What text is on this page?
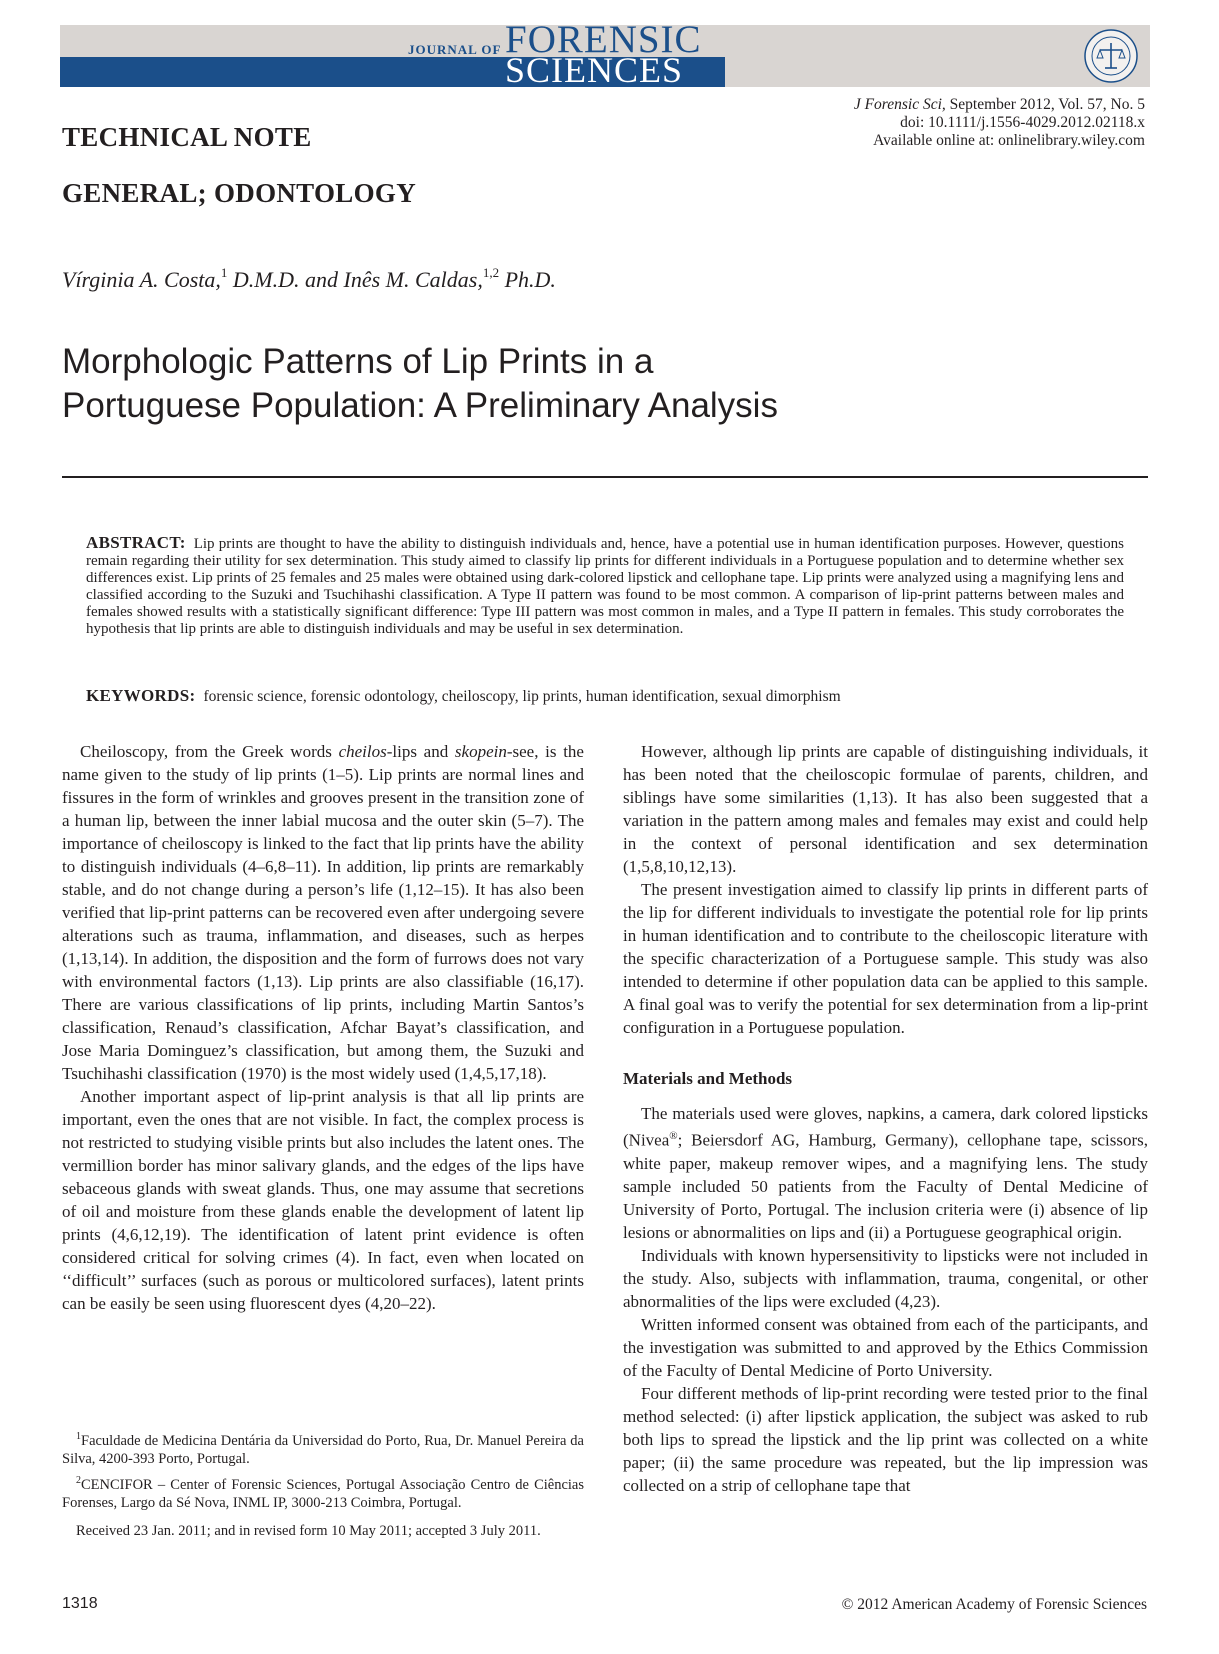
JOURNAL OF FORENSIC
SCIENCES
J Forensic Sci, September 2012, Vol. 57, No. 5
doi: 10.1111/j.1556-4029.2012.02118.x
Available online at: onlinelibrary.wiley.com
TECHNICAL NOTE
GENERAL; ODONTOLOGY
Vírginia A. Costa,$^1$ D.M.D. and Inês M. Caldas,$^{1,2}$ Ph.D.
Morphologic Patterns of Lip Prints in a
Portuguese Population: A Preliminary Analysis
ABSTRACT: Lip prints are thought to have the ability to distinguish individuals and, hence, have a potential use in human identification purposes. However, questions remain regarding their utility for sex determination. This study aimed to classify lip prints for different individuals in a Portuguese population and to determine whether sex differences exist. Lip prints of 25 females and 25 males were obtained using dark-colored lipstick and cellophane tape. Lip prints were analyzed using a magnifying lens and classified according to the Suzuki and Tsuchihashi classification. A Type II pattern was found to be most common. A comparison of lip-print patterns between males and females showed results with a statistically significant difference: Type III pattern was most common in males, and a Type II pattern in females. This study corroborates the hypothesis that lip prints are able to distinguish individuals and may be useful in sex determination.
KEYWORDS: forensic science, forensic odontology, cheiloscopy, lip prints, human identification, sexual dimorphism

Cheiloscopy, from the Greek words cheilos-lips and skopein-see, is the name given to the study of lip prints (1–5). Lip prints are normal lines and fissures in the form of wrinkles and grooves present in the transition zone of a human lip, between the inner labial mucosa and the outer skin (5–7). The importance of cheiloscopy is linked to the fact that lip prints have the ability to distinguish individuals (4–6,8–11). In addition, lip prints are remarkably stable, and do not change during a person’s life (1,12–15). It has also been verified that lip-print patterns can be recovered even after undergoing severe alterations such as trauma, inflammation, and diseases, such as herpes (1,13,14). In addition, the disposition and the form of furrows does not vary with environmental factors (1,13). Lip prints are also classifiable (16,17). There are various classifications of lip prints, including Martin Santos’s classification, Renaud’s classification, Afchar Bayat’s classification, and Jose Maria Dominguez’s classification, but among them, the Suzuki and Tsuchihashi classification (1970) is the most widely used (1,4,5,17,18).

Another important aspect of lip-print analysis is that all lip prints are important, even the ones that are not visible. In fact, the complex process is not restricted to studying visible prints but also includes the latent ones. The vermillion border has minor salivary glands, and the edges of the lips have sebaceous glands with sweat glands. Thus, one may assume that secretions of oil and moisture from these glands enable the development of latent lip prints (4,6,12,19). The identification of latent print evidence is often considered critical for solving crimes (4). In fact, even when located on ‘‘difficult’’ surfaces (such as porous or multicolored surfaces), latent prints can be easily be seen using fluorescent dyes (4,20–22).

$^1$Faculdade de Medicina Dentária da Universidad do Porto, Rua, Dr. Manuel Pereira da Silva, 4200-393 Porto, Portugal.

$^2$CENCIFOR – Center of Forensic Sciences, Portugal Associação Centro de Ciências Forenses, Largo da Sé Nova, INML IP, 3000-213 Coimbra, Portugal.

Received 23 Jan. 2011; and in revised form 10 May 2011; accepted 3 July 2011.

However, although lip prints are capable of distinguishing individuals, it has been noted that the cheiloscopic formulae of parents, children, and siblings have some similarities (1,13). It has also been suggested that a variation in the pattern among males and females may exist and could help in the context of personal identification and sex determination (1,5,8,10,12,13).

The present investigation aimed to classify lip prints in different parts of the lip for different individuals to investigate the potential role for lip prints in human identification and to contribute to the cheiloscopic literature with the specific characterization of a Portuguese sample. This study was also intended to determine if other population data can be applied to this sample. A final goal was to verify the potential for sex determination from a lip-print configuration in a Portuguese population.

Materials and Methods

The materials used were gloves, napkins, a camera, dark colored lipsticks (Nivea®; Beiersdorf AG, Hamburg, Germany), cellophane tape, scissors, white paper, makeup remover wipes, and a magnifying lens. The study sample included 50 patients from the Faculty of Dental Medicine of University of Porto, Portugal. The inclusion criteria were (i) absence of lip lesions or abnormalities on lips and (ii) a Portuguese geographical origin.

Individuals with known hypersensitivity to lipsticks were not included in the study. Also, subjects with inflammation, trauma, congenital, or other abnormalities of the lips were excluded (4,23).

Written informed consent was obtained from each of the participants, and the investigation was submitted to and approved by the Ethics Commission of the Faculty of Dental Medicine of Porto University.

Four different methods of lip-print recording were tested prior to the final method selected: (i) after lipstick application, the subject was asked to rub both lips to spread the lipstick and the lip print was collected on a white paper; (ii) the same procedure was repeated, but the lip impression was collected on a strip of cellophane tape that

1318	© 2012 American Academy of Forensic Sciences
